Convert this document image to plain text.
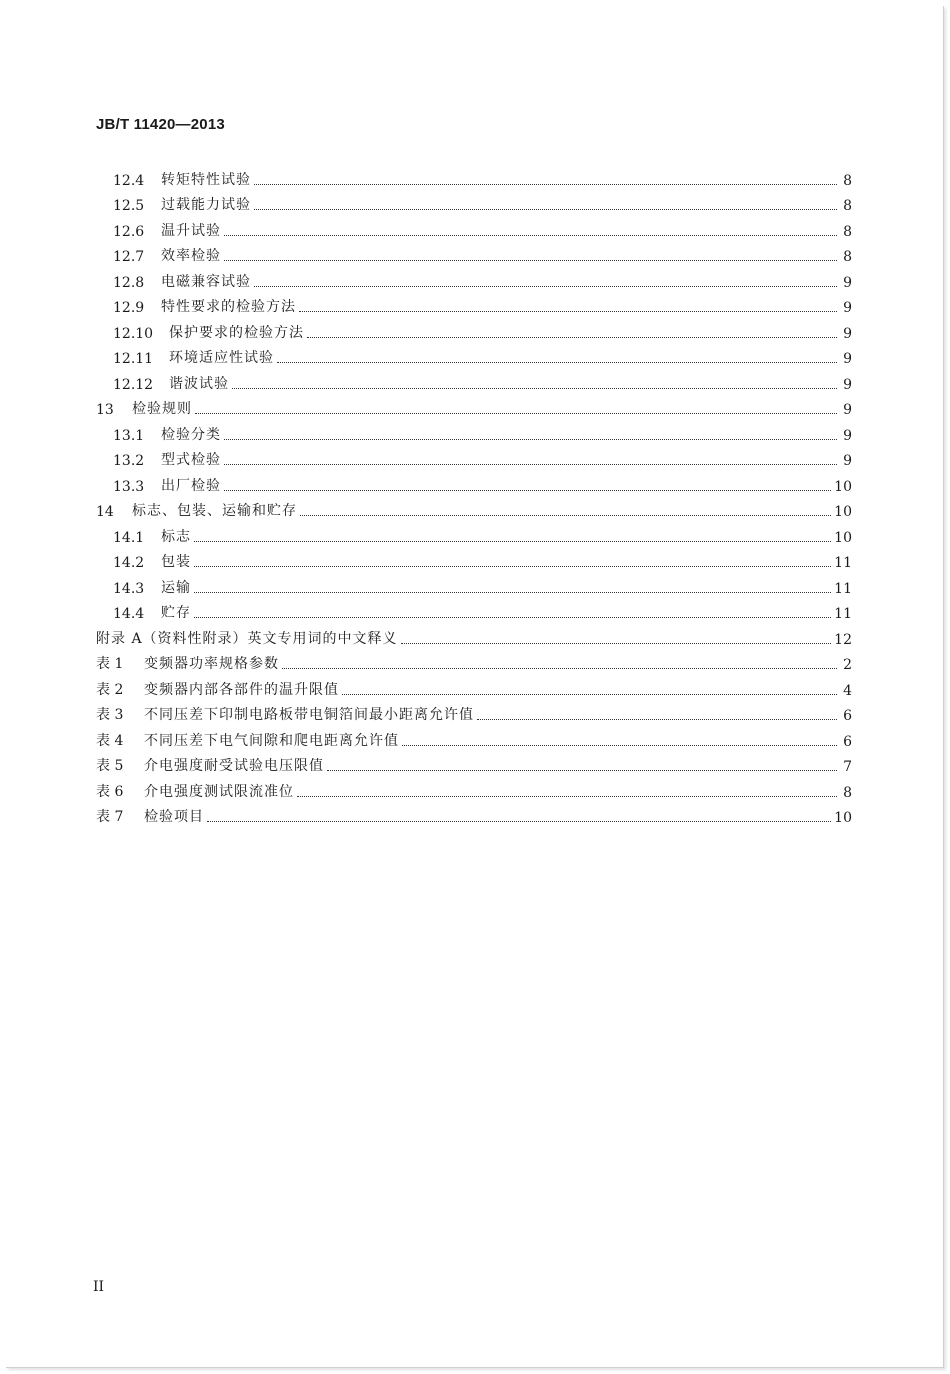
JB/T 11420—2013
12.4	转矩特性试验	8
12.5	过载能力试验	8
12.6	温升试验	8
12.7	效率检验	8
12.8	电磁兼容试验	9
12.9	特性要求的检验方法	9
12.10	保护要求的检验方法	9
12.11	环境适应性试验	9
12.12	谐波试验	9
13	检验规则	9
13.1	检验分类	9
13.2	型式检验	9
13.3	出厂检验	10
14	标志、包装、运输和贮存	10
14.1	标志	10
14.2	包装	11
14.3	运输	11
14.4	贮存	11
附录 A（资料性附录）英文专用词的中文释义	12
表 1	变频器功率规格参数	2
表 2	变频器内部各部件的温升限值	4
表 3	不同压差下印制电路板带电铜箔间最小距离允许值	6
表 4	不同压差下电气间隙和爬电距离允许值	6
表 5	介电强度耐受试验电压限值	7
表 6	介电强度测试限流准位	8
表 7	检验项目	10
II
